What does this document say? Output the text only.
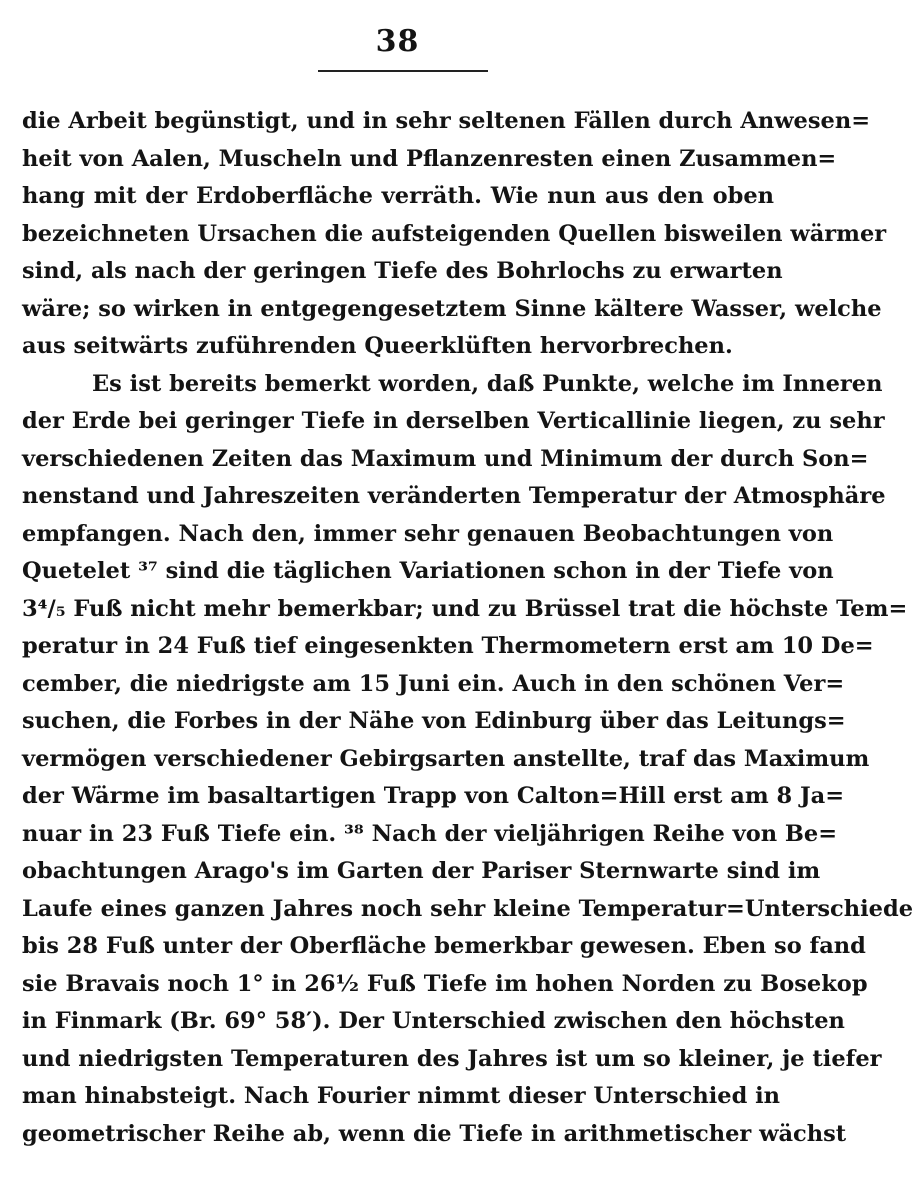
38
die Arbeit begünstigt, und in sehr seltenen Fällen durch Anwesen=
heit von Aalen, Muscheln und Pflanzenresten einen Zusammen=
hang mit der Erdoberfläche verräth. Wie nun aus den oben
bezeichneten Ursachen die aufsteigenden Quellen bisweilen wärmer
sind, als nach der geringen Tiefe des Bohrlochs zu erwarten
wäre; so wirken in entgegengesetztem Sinne kältere Wasser, welche
aus seitwärts zuführenden Queerklüften hervorbrechen.
Es ist bereits bemerkt worden, daß Punkte, welche im Inneren
der Erde bei geringer Tiefe in derselben Verticallinie liegen, zu sehr
verschiedenen Zeiten das Maximum und Minimum der durch Son=
nenstand und Jahreszeiten veränderten Temperatur der Atmosphäre
empfangen. Nach den, immer sehr genauen Beobachtungen von
Quetelet ³⁷ sind die täglichen Variationen schon in der Tiefe von
3⁴/₅ Fuß nicht mehr bemerkbar; und zu Brüssel trat die höchste Tem=
peratur in 24 Fuß tief eingesenkten Thermometern erst am 10 De=
cember, die niedrigste am 15 Juni ein. Auch in den schönen Ver=
suchen, die Forbes in der Nähe von Edinburg über das Leitungs=
vermögen verschiedener Gebirgsarten anstellte, traf das Maximum
der Wärme im basaltartigen Trapp von Calton=Hill erst am 8 Ja=
nuar in 23 Fuß Tiefe ein. ³⁸ Nach der vieljährigen Reihe von Be=
obachtungen Arago's im Garten der Pariser Sternwarte sind im
Laufe eines ganzen Jahres noch sehr kleine Temperatur=Unterschiede
bis 28 Fuß unter der Oberfläche bemerkbar gewesen. Eben so fand
sie Bravais noch 1° in 26½ Fuß Tiefe im hohen Norden zu Bosekop
in Finmark (Br. 69° 58′). Der Unterschied zwischen den höchsten
und niedrigsten Temperaturen des Jahres ist um so kleiner, je tiefer
man hinabsteigt. Nach Fourier nimmt dieser Unterschied in
geometrischer Reihe ab, wenn die Tiefe in arithmetischer wächst
